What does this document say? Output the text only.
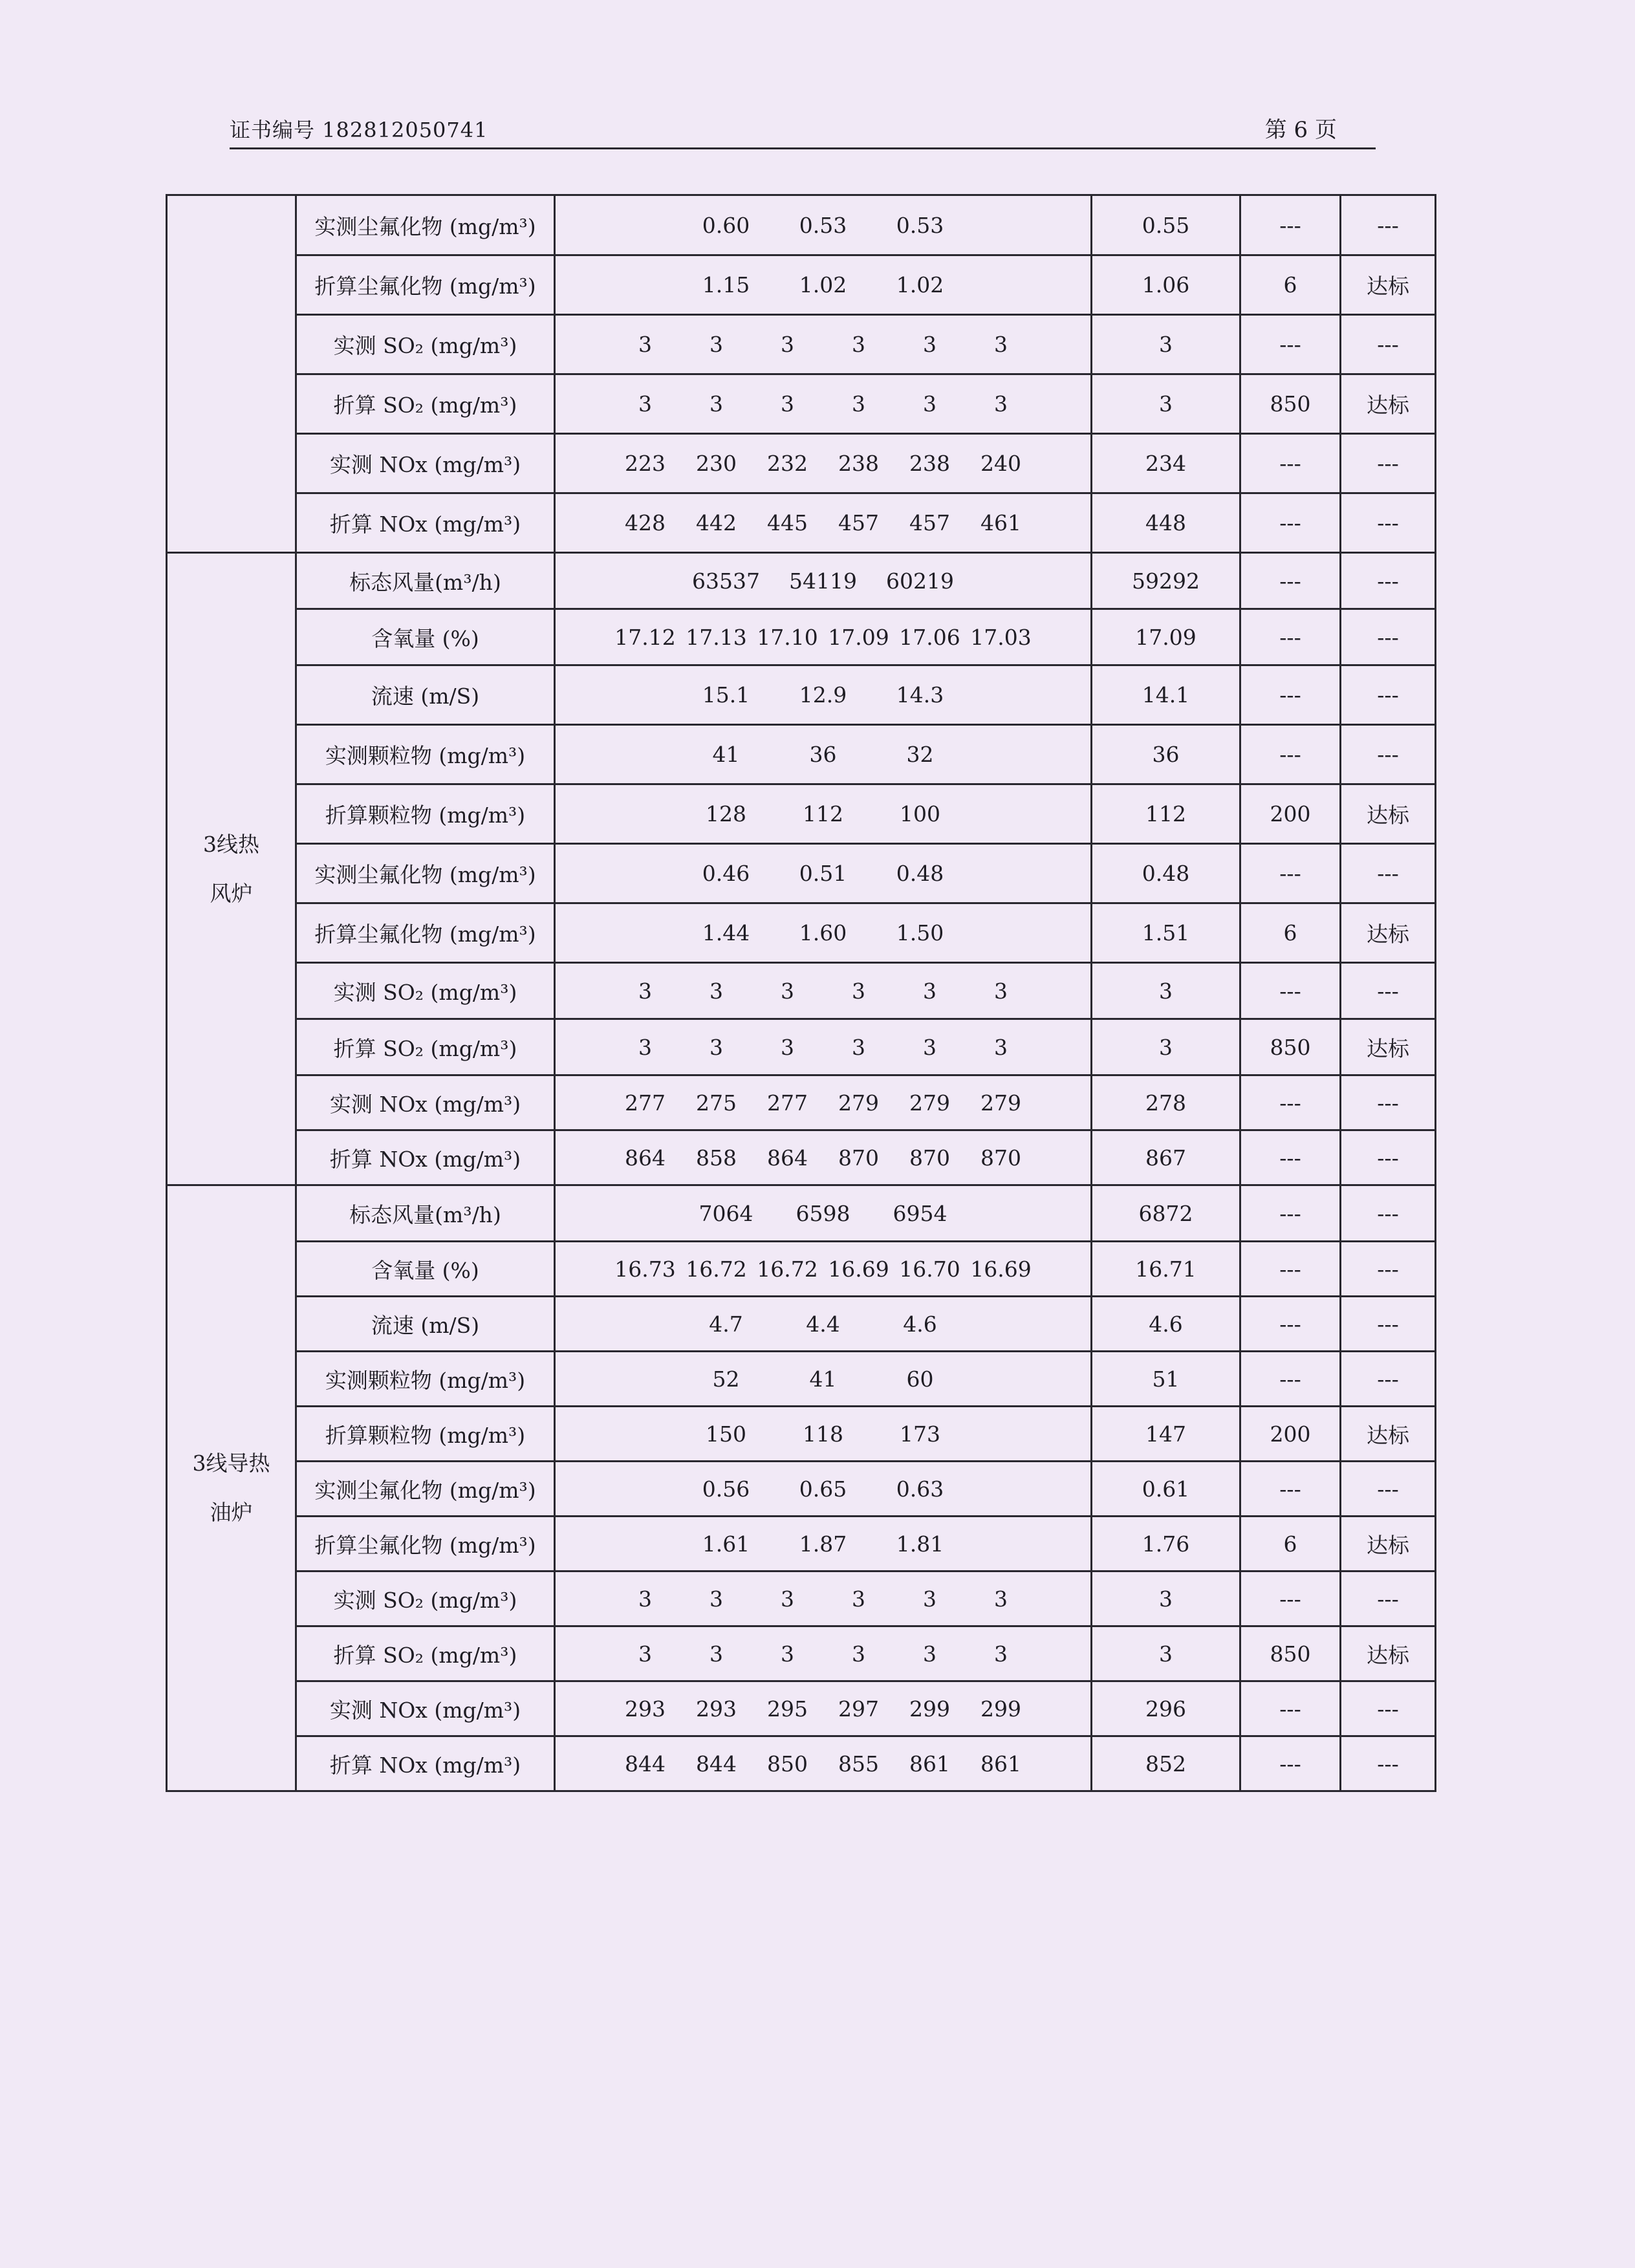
证书编号 182812050741	第 6 页
	实测尘氟化物 (mg/m³)	0.60 0.53 0.53	0.55	---	---
	折算尘氟化物 (mg/m³)	1.15 1.02 1.02	1.06	6	达标
	实测 SO₂ (mg/m³)	3 3 3 3 3 3	3	---	---
	折算 SO₂ (mg/m³)	3 3 3 3 3 3	3	850	达标
	实测 NOx (mg/m³)	223 230 232 238 238 240	234	---	---
	折算 NOx (mg/m³)	428 442 445 457 457 461	448	---	---

3线热
风炉	标态风量(m³/h)	63537 54119 60219	59292	---	---
	含氧量 (%)	17.12 17.13 17.10 17.09 17.06 17.03	17.09	---	---
	流速 (m/S)	15.1 12.9 14.3	14.1	---	---
	实测颗粒物 (mg/m³)	41 36 32	36	---	---
	折算颗粒物 (mg/m³)	128 112 100	112	200	达标
	实测尘氟化物 (mg/m³)	0.46 0.51 0.48	0.48	---	---
	折算尘氟化物 (mg/m³)	1.44 1.60 1.50	1.51	6	达标
	实测 SO₂ (mg/m³)	3 3 3 3 3 3	3	---	---
	折算 SO₂ (mg/m³)	3 3 3 3 3 3	3	850	达标
	实测 NOx (mg/m³)	277 275 277 279 279 279	278	---	---
	折算 NOx (mg/m³)	864 858 864 870 870 870	867	---	---

3线导热
油炉	标态风量(m³/h)	7064 6598 6954	6872	---	---
	含氧量 (%)	16.73 16.72 16.72 16.69 16.70 16.69	16.71	---	---
	流速 (m/S)	4.7 4.4 4.6	4.6	---	---
	实测颗粒物 (mg/m³)	52 41 60	51	---	---
	折算颗粒物 (mg/m³)	150 118 173	147	200	达标
	实测尘氟化物 (mg/m³)	0.56 0.65 0.63	0.61	---	---
	折算尘氟化物 (mg/m³)	1.61 1.87 1.81	1.76	6	达标
	实测 SO₂ (mg/m³)	3 3 3 3 3 3	3	---	---
	折算 SO₂ (mg/m³)	3 3 3 3 3 3	3	850	达标
	实测 NOx (mg/m³)	293 293 295 297 299 299	296	---	---
	折算 NOx (mg/m³)	844 844 850 855 861 861	852	---	---
